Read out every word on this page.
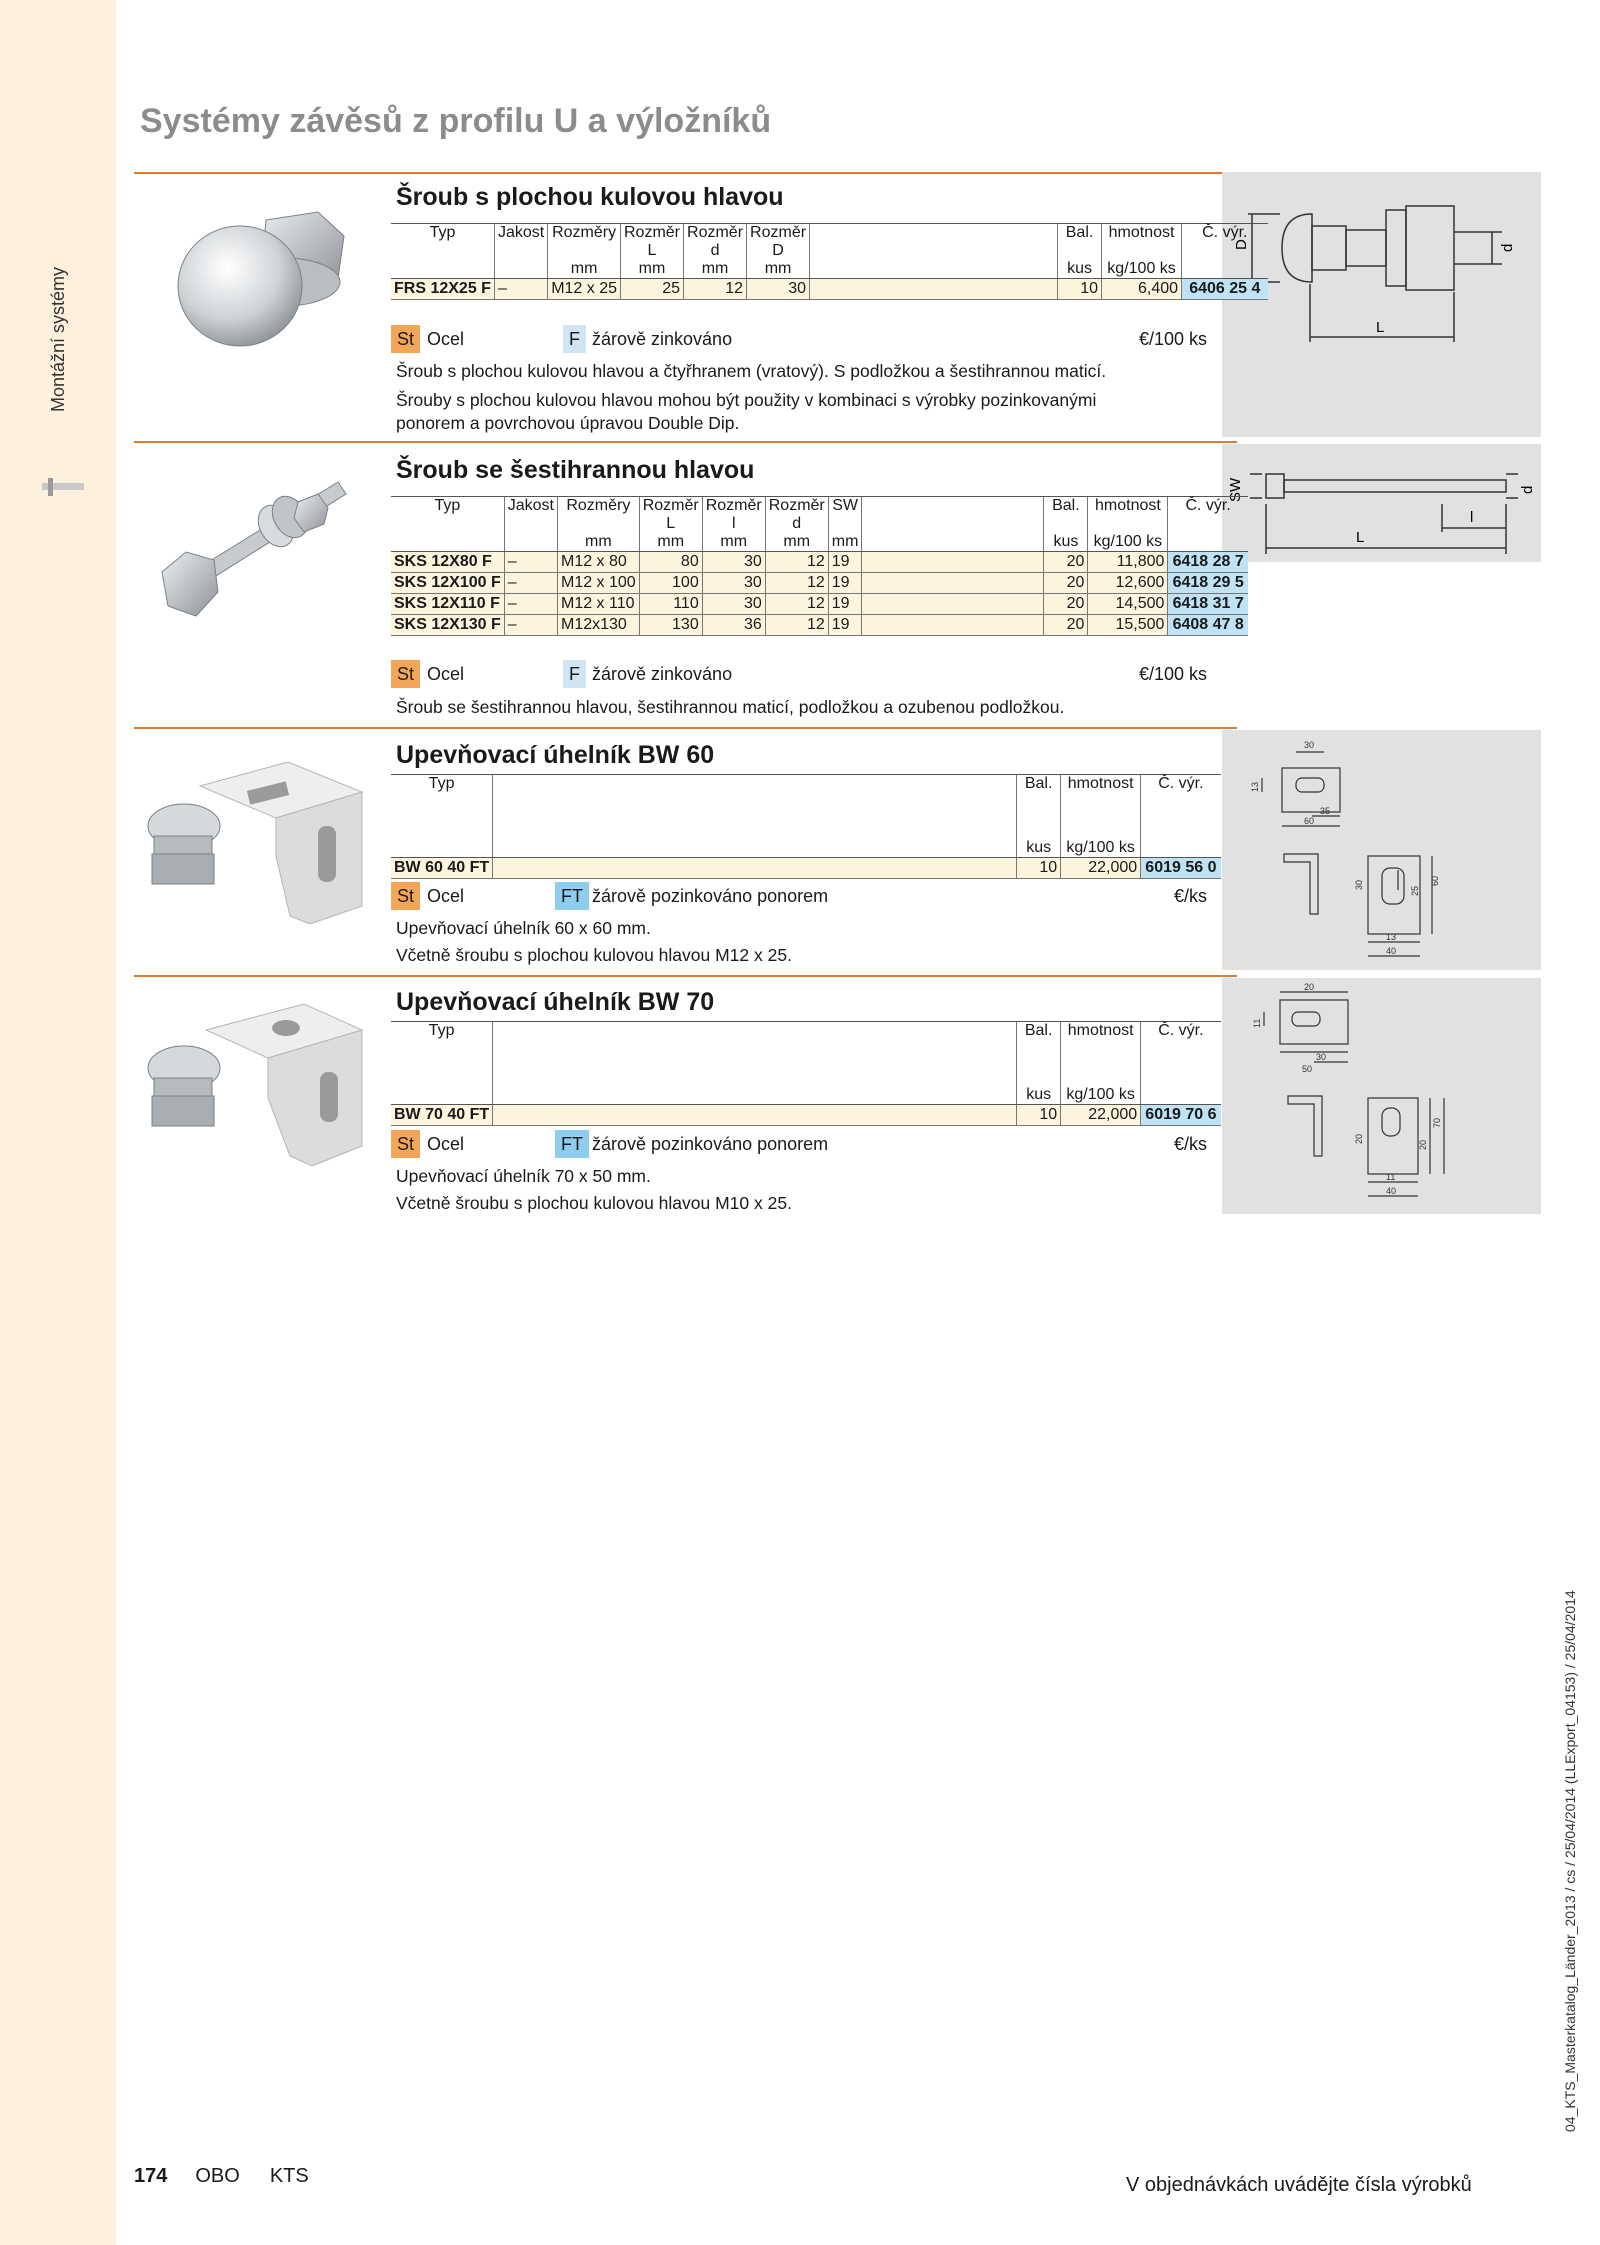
Montážní systémy
Systémy závěsů z profilu U a výložníků
D	d
L
Šroub s plochou kulovou hlavou
Typ	Jakost	Rozměry	Rozměr	Rozměr	Rozměr		Bal.	hmotnost	Č. výr.
			L	d	D				
		mm	mm	mm	mm		kus	kg/100 ks	
FRS 12X25 F	–	M12 x 25	25	12	30		10	6,400	6406 25 4
St Ocel	F žárově zinkováno	€/100 ks
Šroub s plochou kulovou hlavou a čtyřhranem (vratový). S podložkou a šestihrannou maticí.
Šrouby s plochou kulovou hlavou mohou být použity v kombinaci s výrobky pozinkovanými
ponorem a povrchovou úpravou Double Dip.
SW	d
l
L
Šroub se šestihrannou hlavou
Typ	Jakost	Rozměry	Rozměr	Rozměr	Rozměr	SW		Bal.	hmotnost	Č. výr.
			L	l	d					
		mm	mm	mm	mm	mm		kus	kg/100 ks	
SKS 12X80 F	–	M12 x 80	80	30	12	19		20	11,800	6418 28 7
SKS 12X100 F	–	M12 x 100	100	30	12	19		20	12,600	6418 29 5
SKS 12X110 F	–	M12 x 110	110	30	12	19		20	14,500	6418 31 7
SKS 12X130 F	–	M12x130	130	36	12	19		20	15,500	6408 47 8
St Ocel	F žárově zinkováno	€/100 ks
Šroub se šestihrannou hlavou, šestihrannou maticí, podložkou a ozubenou podložkou.
30
13
35
60
30
25
60
13
40
Upevňovací úhelník BW 60
Typ		Bal.	hmotnost	Č. výr.
		kus	kg/100 ks	
BW 60 40 FT		10	22,000	6019 56 0
St Ocel	FT žárově pozinkováno ponorem	€/ks
Upevňovací úhelník 60 x 60 mm.
Včetně šroubu s plochou kulovou hlavou M12 x 25.
20
11
30
50
20
20
70
11
40
Upevňovací úhelník BW 70
Typ		Bal.	hmotnost	Č. výr.
		kus	kg/100 ks	
BW 70 40 FT		10	22,000	6019 70 6
St Ocel	FT žárově pozinkováno ponorem	€/ks
Upevňovací úhelník 70 x 50 mm.
Včetně šroubu s plochou kulovou hlavou M10 x 25.
174 OBO KTS	V objednávkách uvádějte čísla výrobků
04_KTS_Masterkatalog_Länder_2013 / cs / 25/04/2014 (LLExport_04153) / 25/04/2014
